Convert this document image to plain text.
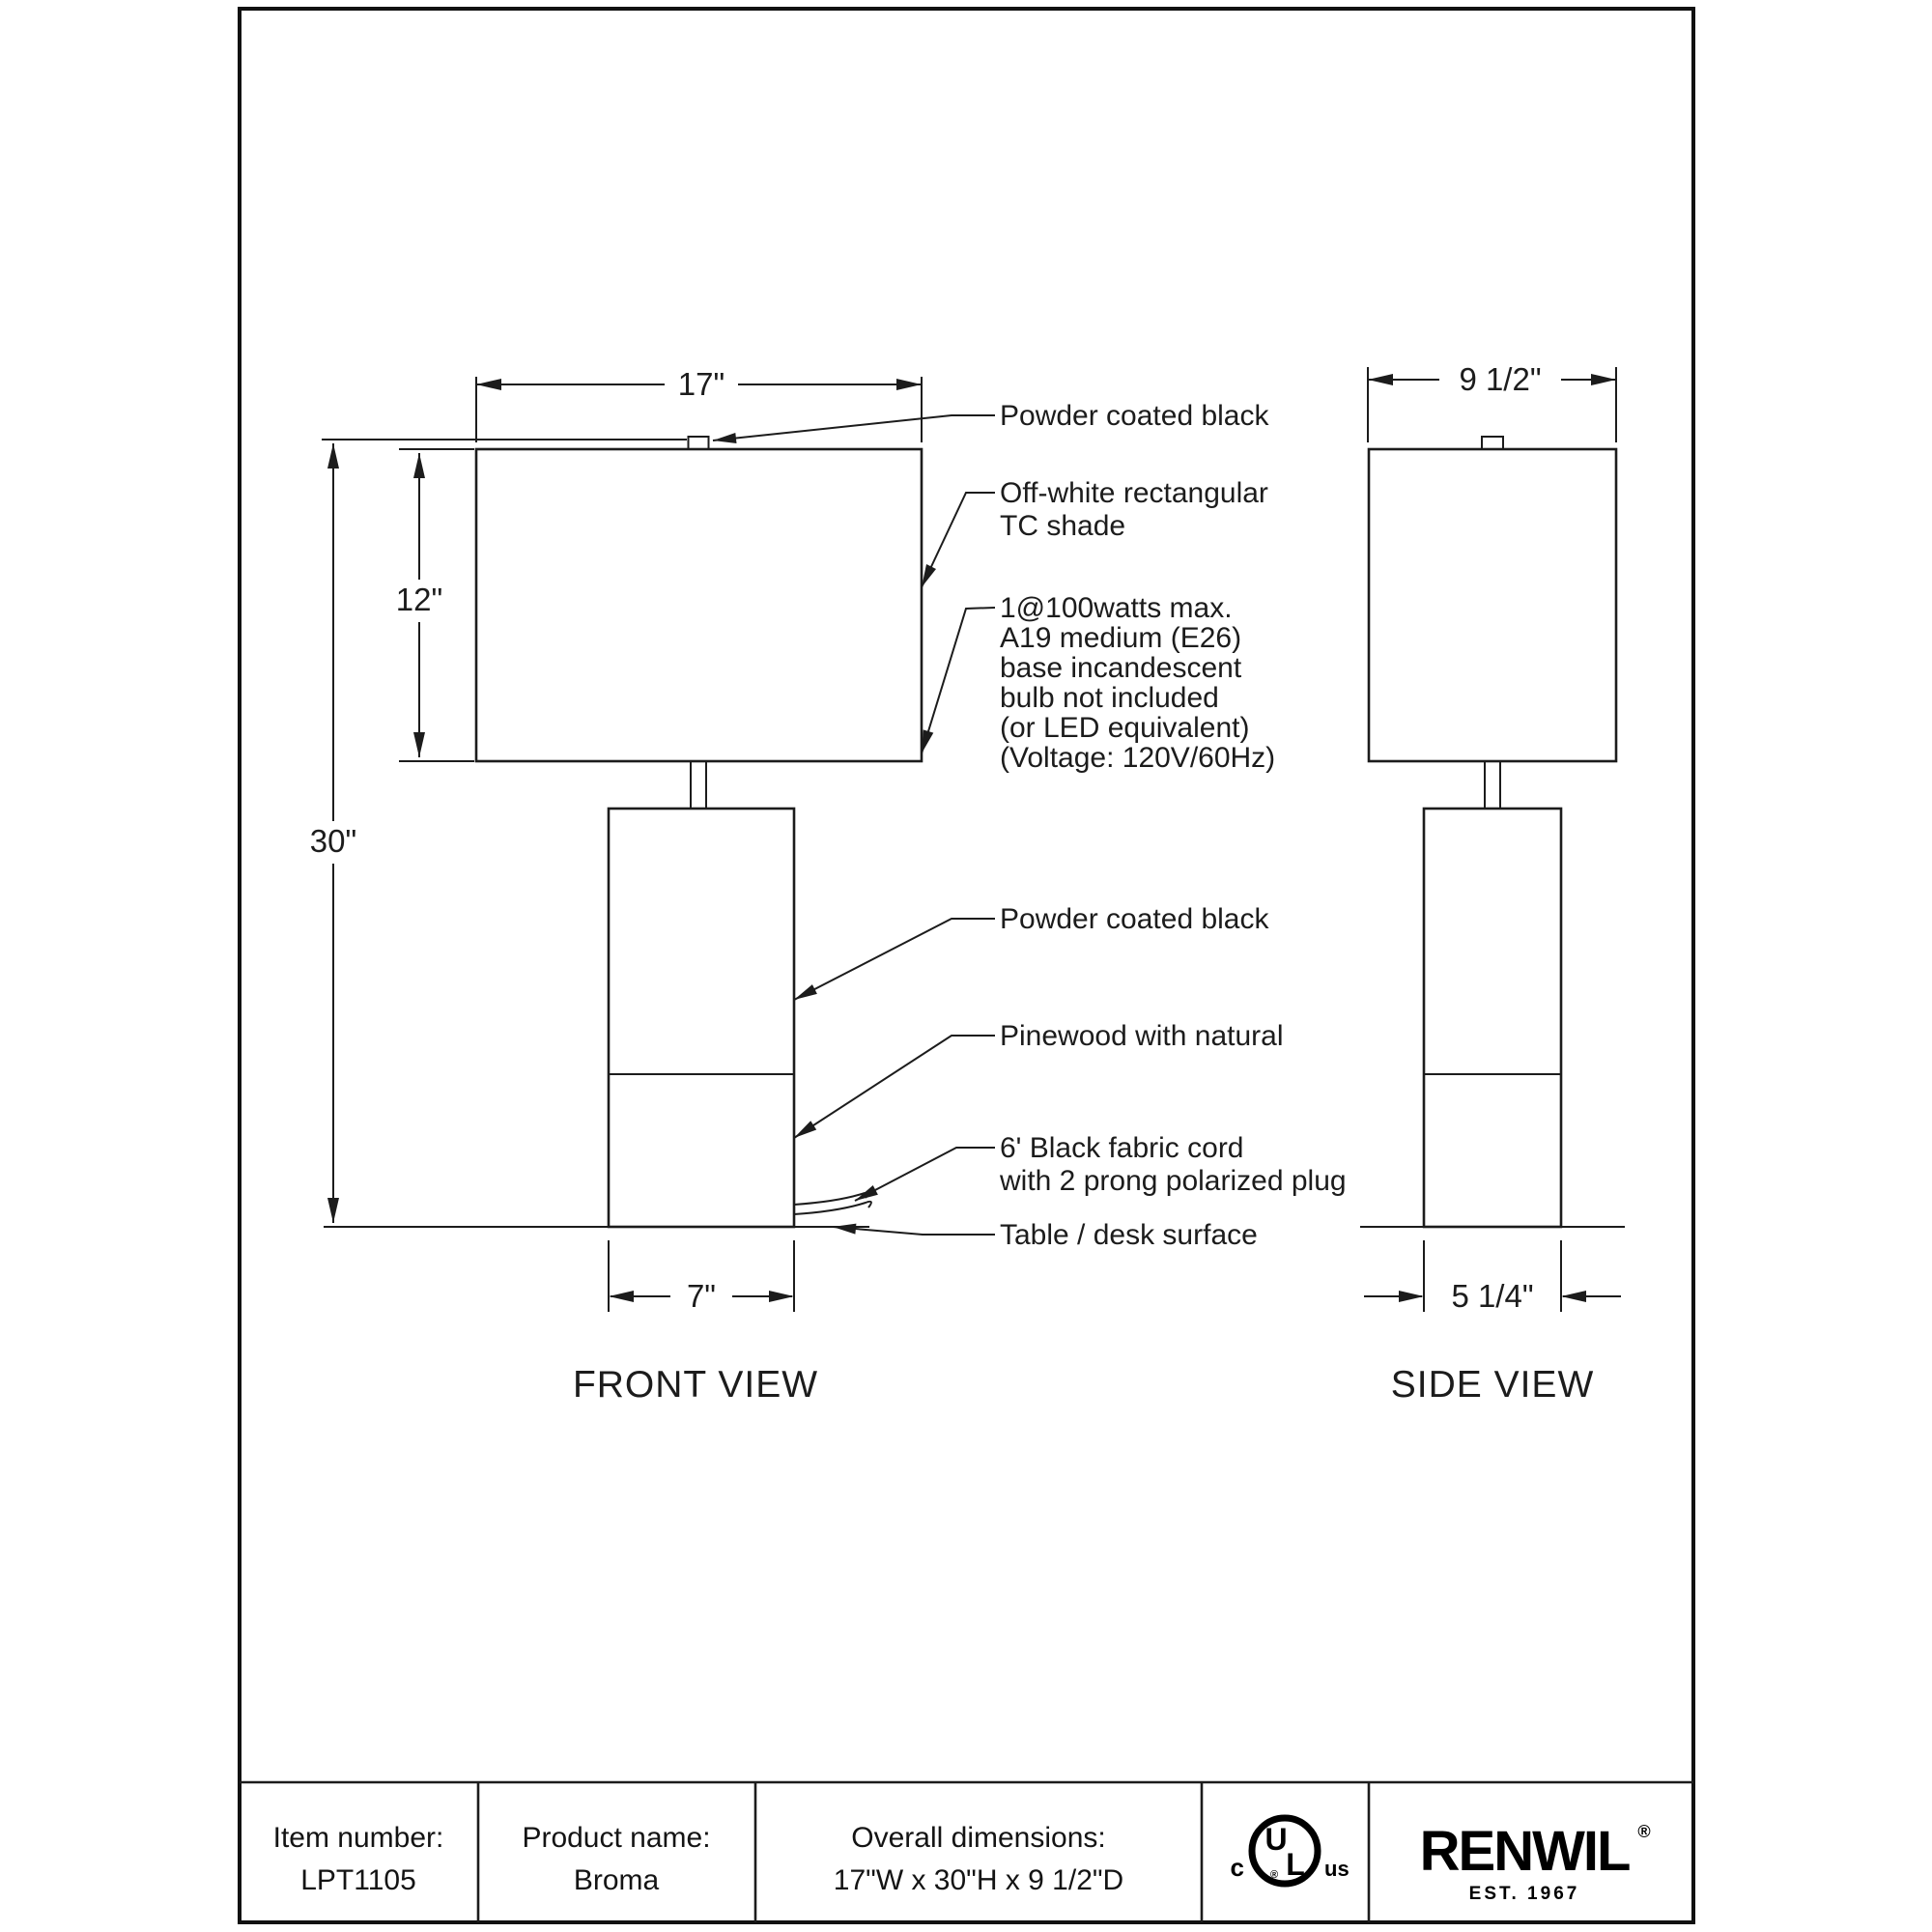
17"
12"
30"
7"
FRONT VIEW
9 1/2"
5 1/4"
SIDE VIEW
Powder coated black
Off-white rectangular
TC shade
1@100watts max.
A19 medium (E26)
base incandescent
bulb not included
(or LED equivalent)
(Voltage: 120V/60Hz)
Powder coated black
Pinewood with natural
6' Black fabric cord
with 2 prong polarized plug
Table / desk surface
Item number:
LPT1105
Product name:
Broma
Overall dimensions:
17"W x 30"H x 9 1/2"D
U
L
®
c	us RENWIL ®
EST. 1967
